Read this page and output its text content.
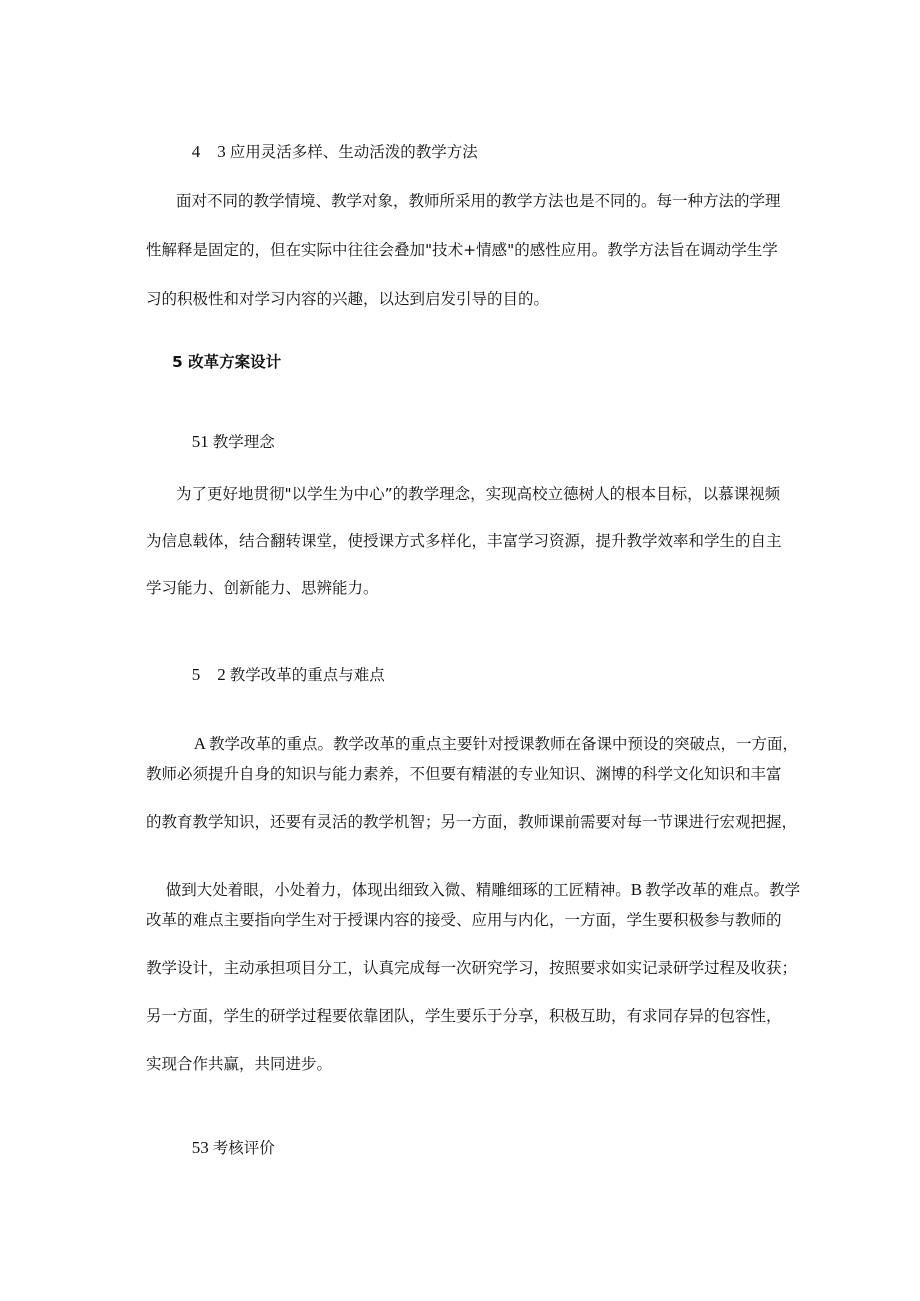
4　3 应用灵活多样、生动活泼的教学方法

面对不同的教学情境、教学对象，教师所采用的教学方法也是不同的。每一种方法的学理
性解释是固定的，但在实际中往往会叠加"技术+情感"的感性应用。教学方法旨在调动学生学
习的积极性和对学习内容的兴趣，以达到启发引导的目的。
5 改革方案设计

51 教学理念

为了更好地贯彻"以学生为中心”的教学理念，实现高校立德树人的根本目标，以慕课视频
为信息载体，结合翻转课堂，使授课方式多样化，丰富学习资源，提升教学效率和学生的自主
学习能力、创新能力、思辨能力。

5　2 教学改革的重点与难点

A 教学改革的重点。教学改革的重点主要针对授课教师在备课中预设的突破点，一方面，

教师必须提升自身的知识与能力素养，不但要有精湛的专业知识、渊博的科学文化知识和丰富
的教育教学知识，还要有灵活的教学机智；另一方面，教师课前需要对每一节课进行宏观把握，

做到大处着眼，小处着力，体现出细致入微、精雕细琢的工匠精神。B 教学改革的难点。教学

改革的难点主要指向学生对于授课内容的接受、应用与内化，一方面，学生要积极参与教师的
教学设计，主动承担项目分工，认真完成每一次研究学习，按照要求如实记录研学过程及收获；
另一方面，学生的研学过程要依靠团队，学生要乐于分享，积极互助，有求同存异的包容性，
实现合作共赢，共同进步。

53 考核评价
